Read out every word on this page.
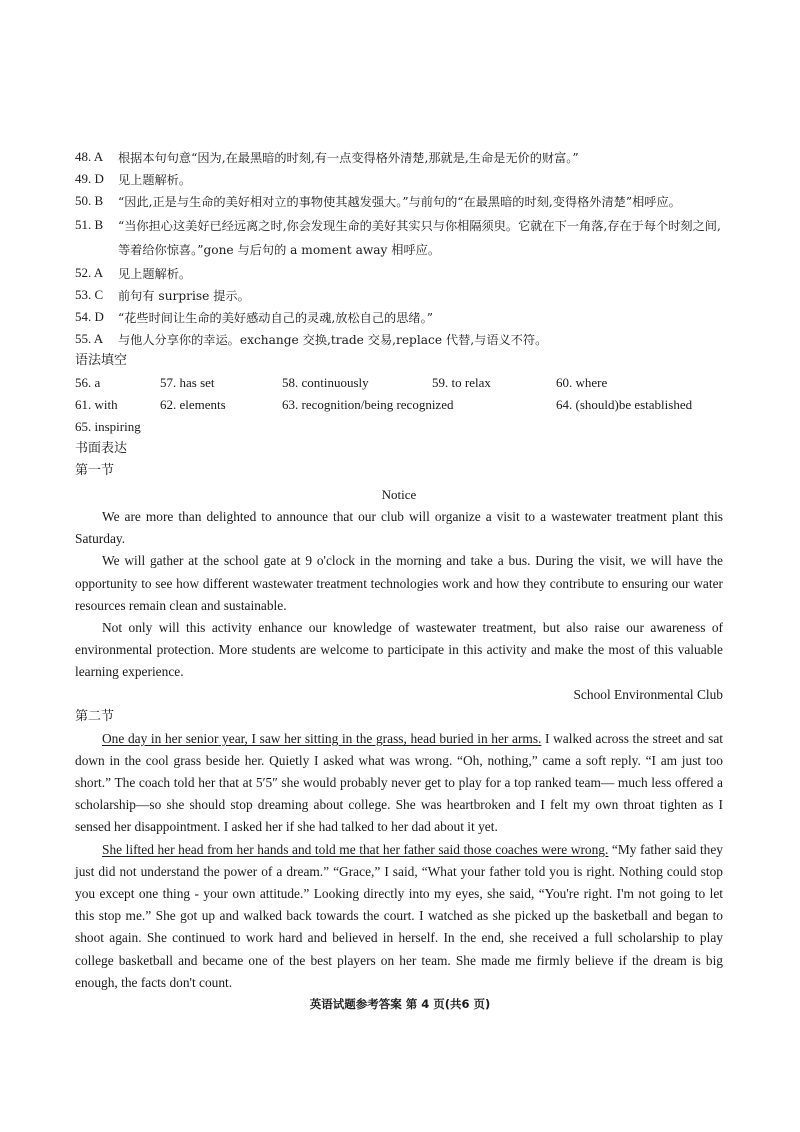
48. A	根据本句句意“因为,在最黑暗的时刻,有一点变得格外清楚,那就是,生命是无价的财富。”
49. D	见上题解析。
50. B	“因此,正是与生命的美好相对立的事物使其越发强大。”与前句的“在最黑暗的时刻,变得格外清楚”相呼应。
51. B	“当你担心这美好已经远离之时,你会发现生命的美好其实只与你相隔须臾。它就在下一角落,存在于每个时刻之间,等着给你惊喜。”gone 与后句的 a moment away 相呼应。
52. A	见上题解析。
53. C	前句有 surprise 提示。
54. D	“花些时间让生命的美好感动自己的灵魂,放松自己的思绪。”
55. A	与他人分享你的幸运。exchange 交换,trade 交易,replace 代替,与语义不符。
语法填空
56. a	57. has set	58. continuously	59. to relax	60. where
61. with	62. elements	63. recognition/being recognized	64. (should)be established
65. inspiring
书面表达
第一节
Notice

We are more than delighted to announce that our club will organize a visit to a wastewater treatment plant this Saturday.

We will gather at the school gate at 9 o'clock in the morning and take a bus. During the visit, we will have the opportunity to see how different wastewater treatment technologies work and how they contribute to ensuring our water resources remain clean and sustainable.

Not only will this activity enhance our knowledge of wastewater treatment, but also raise our awareness of environmental protection. More students are welcome to participate in this activity and make the most of this valuable learning experience.

School Environmental Club
第二节

One day in her senior year, I saw her sitting in the grass, head buried in her arms. I walked across the street and sat down in the cool grass beside her. Quietly I asked what was wrong. “Oh, nothing,” came a soft reply. “I am just too short.” The coach told her that at 5′5″ she would probably never get to play for a top ranked team— much less offered a scholarship—so she should stop dreaming about college. She was heartbroken and I felt my own throat tighten as I sensed her disappointment. I asked her if she had talked to her dad about it yet.

She lifted her head from her hands and told me that her father said those coaches were wrong. “My father said they just did not understand the power of a dream.” “Grace,” I said, “What your father told you is right. Nothing could stop you except one thing - your own attitude.” Looking directly into my eyes, she said, “You're right. I'm not going to let this stop me.” She got up and walked back towards the court. I watched as she picked up the basketball and began to shoot again. She continued to work hard and believed in herself. In the end, she received a full scholarship to play college basketball and became one of the best players on her team. She made me firmly believe if the dream is big enough, the facts don't count.

英语试题参考答案 第 4 页(共6 页)
